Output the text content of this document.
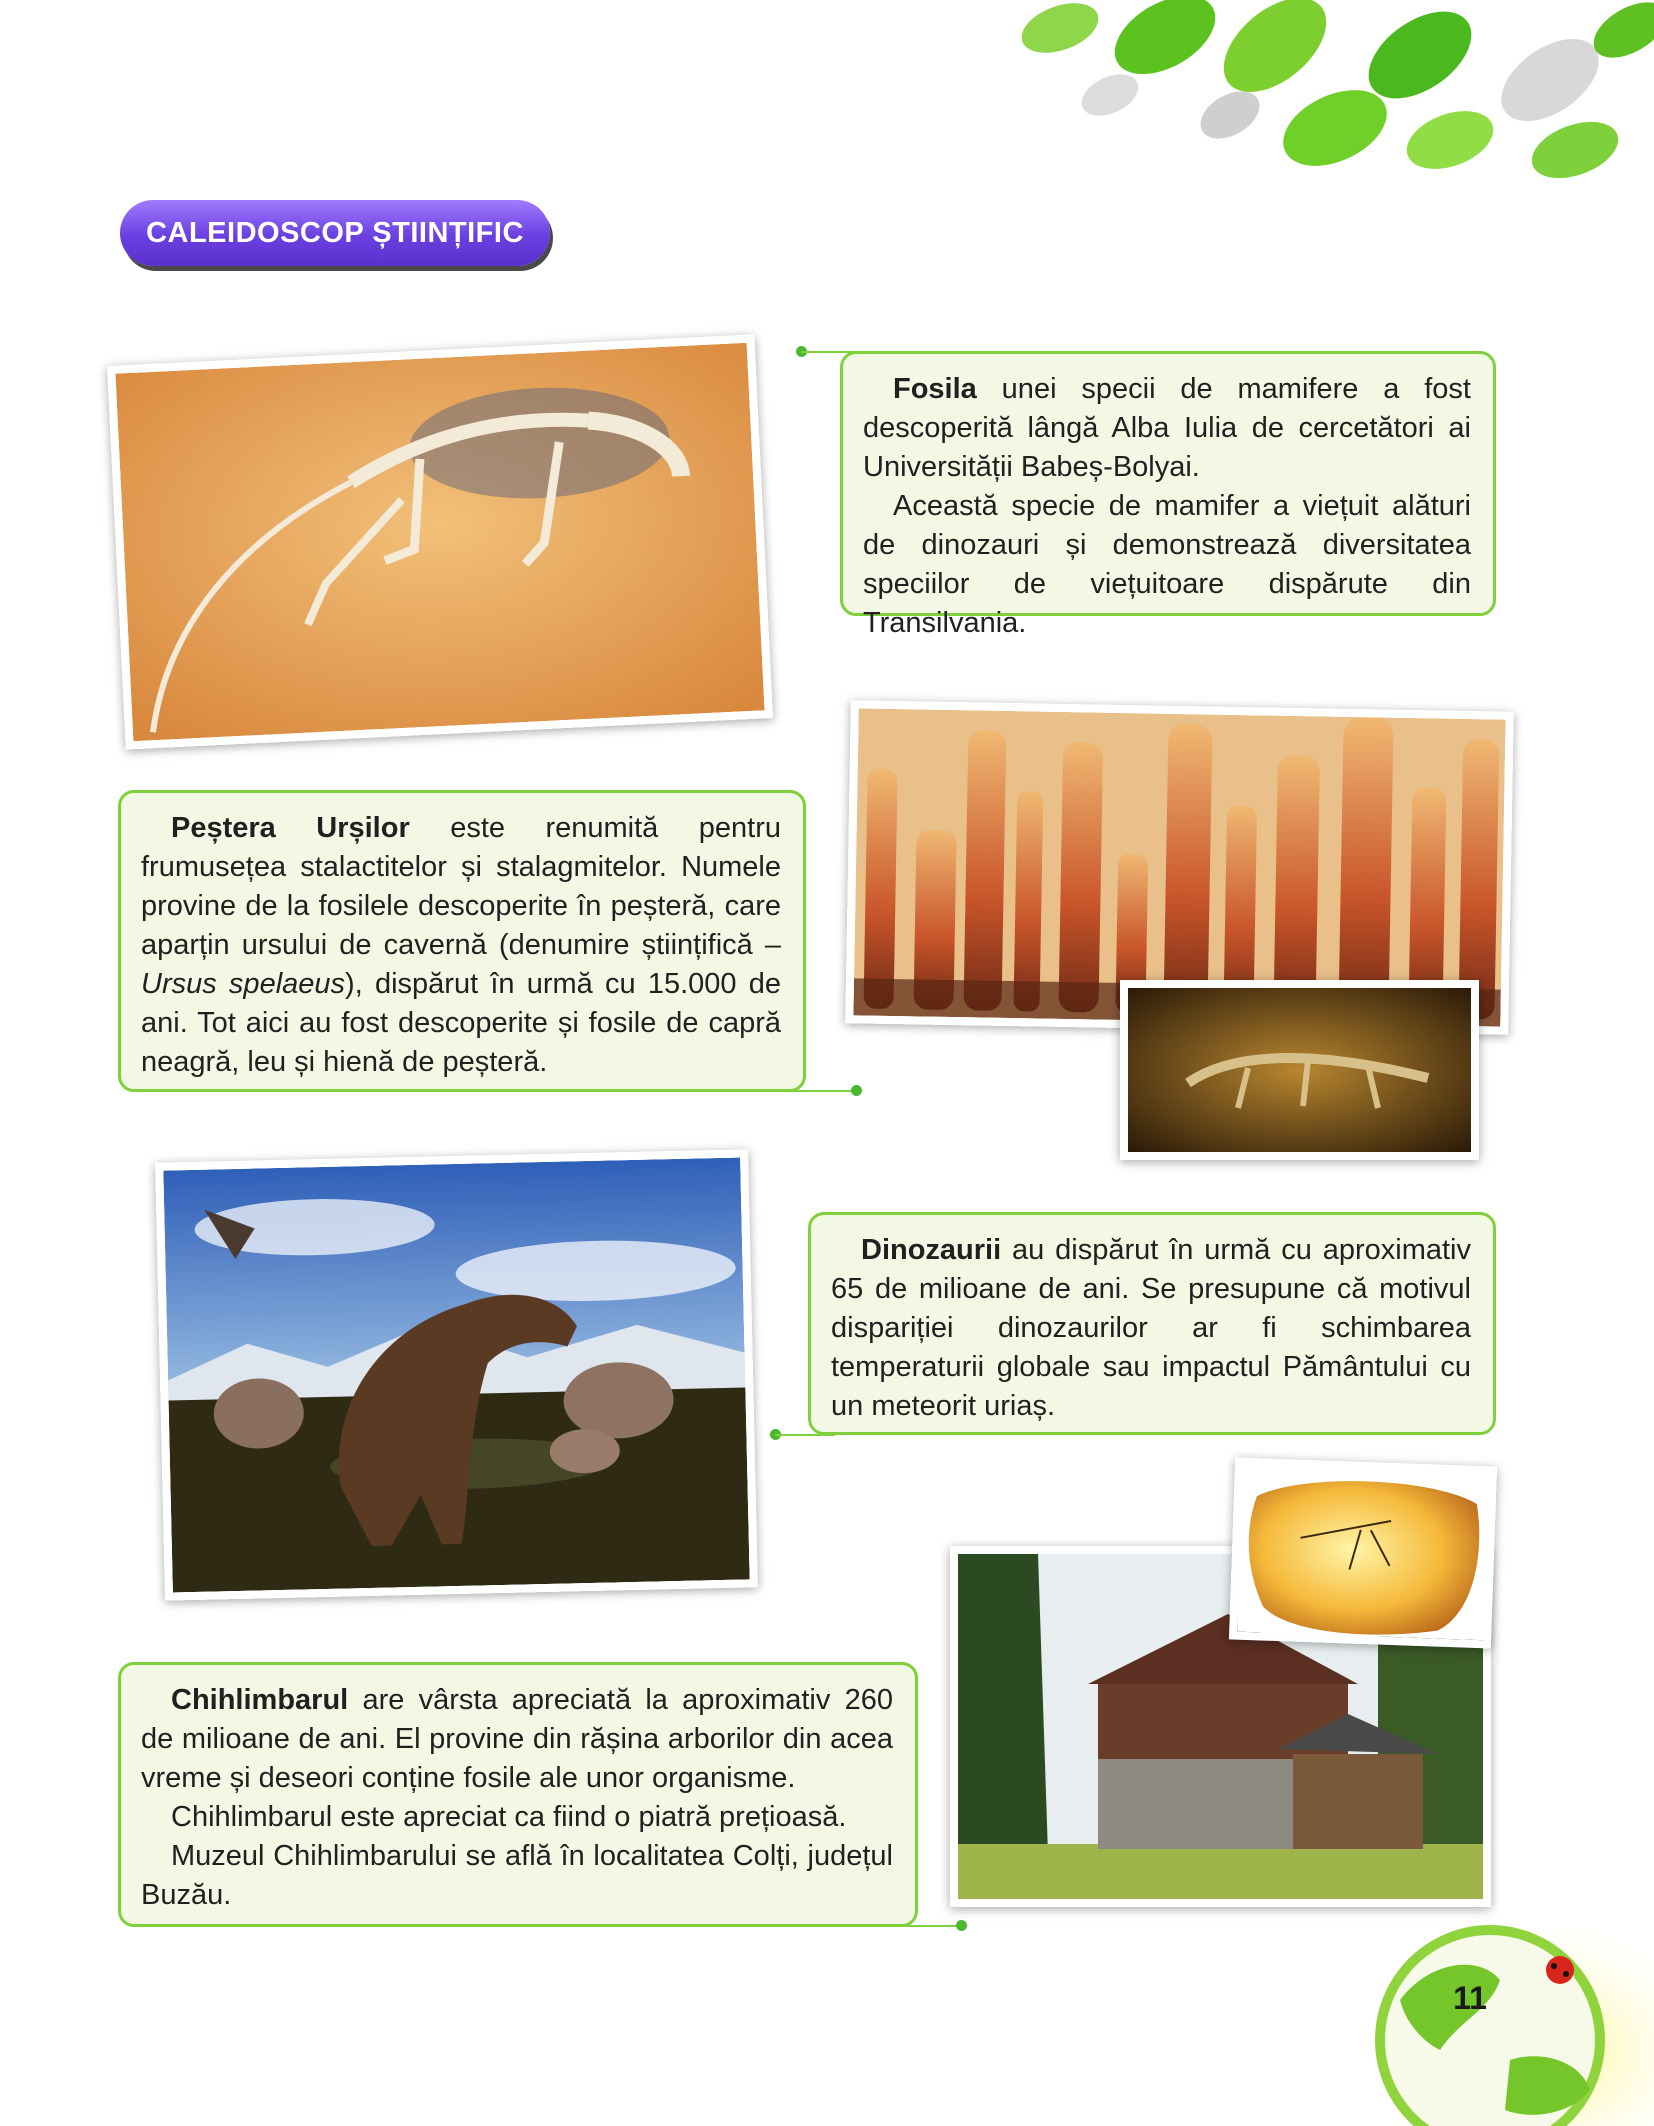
CALEIDOSCOP ȘTIINȚIFIC

Fosila unei specii de mamifere a fost descoperită lângă Alba Iulia de cercetători ai Universității Babeș-Bolyai.

Această specie de mamifer a viețuit alături de dinozauri și demonstrează diversitatea speciilor de viețuitoare dispărute din Transilvania.

Peștera Urșilor este renumită pentru frumusețea stalactitelor și stalagmitelor. Numele provine de la fosilele descoperite în peșteră, care aparțin ursului de cavernă (denumire științifică – Ursus spelaeus), dispărut în urmă cu 15.000 de ani. Tot aici au fost descoperite și fosile de capră neagră, leu și hienă de peșteră.

Dinozaurii au dispărut în urmă cu aproximativ 65 de milioane de ani. Se presupune că motivul dispariției dinozaurilor ar fi schimbarea temperaturii globale sau impactul Pământului cu un meteorit uriaș.

Chihlimbarul are vârsta apreciată la aproximativ 260 de milioane de ani. El provine din rășina arborilor din acea vreme și deseori conține fosile ale unor organisme.

Chihlimbarul este apreciat ca fiind o piatră prețioasă.

Muzeul Chihlimbarului se află în localitatea Colți, județul Buzău.

11
